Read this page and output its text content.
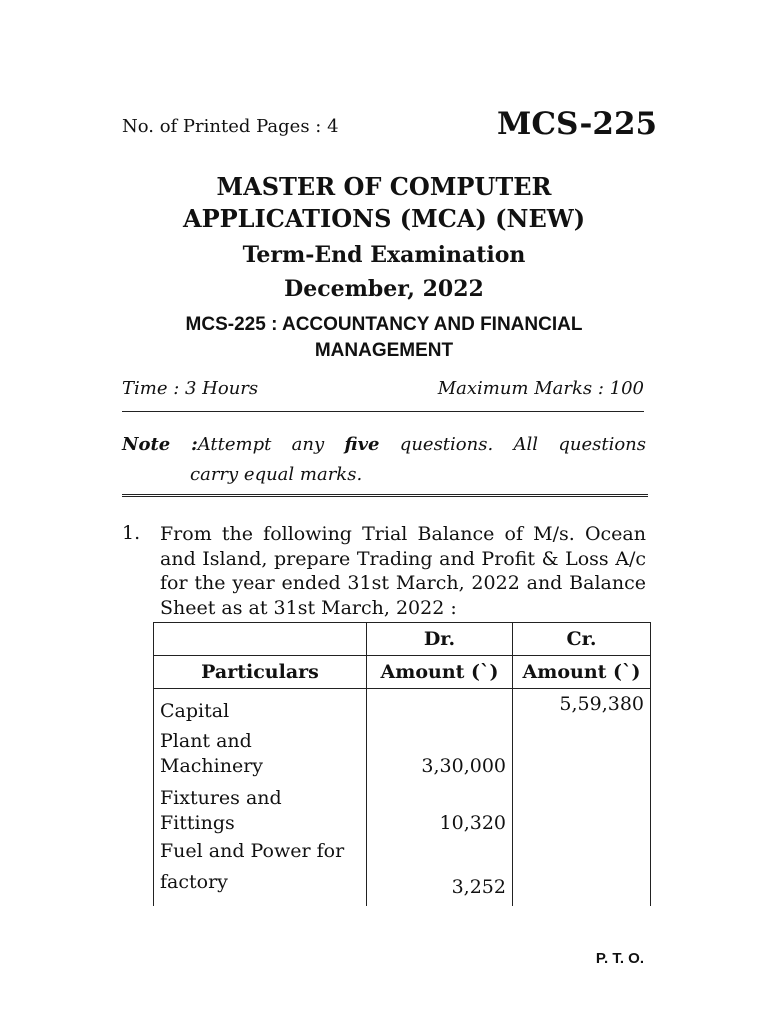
No. of Printed Pages : 4	MCS-225
MASTER OF COMPUTER
APPLICATIONS (MCA) (NEW)
Term-End Examination
December, 2022
MCS-225 : ACCOUNTANCY AND FINANCIAL
MANAGEMENT
Time : 3 Hours	Maximum Marks : 100
Note :Attempt any five questions. All questions
carry equal marks.
1. From the following Trial Balance of M/s. Ocean and Island, prepare Trading and Profit & Loss A/c for the year ended 31st March, 2022 and Balance Sheet as at 31st March, 2022 :
	Dr.	Cr.
Particulars	Amount (`)	Amount (`)
Capital		5,59,380

Plant and
Machinery	3,30,000	

Fixtures and
Fittings	10,320	

Fuel and Power for
factory	3,252	
P. T. O.
